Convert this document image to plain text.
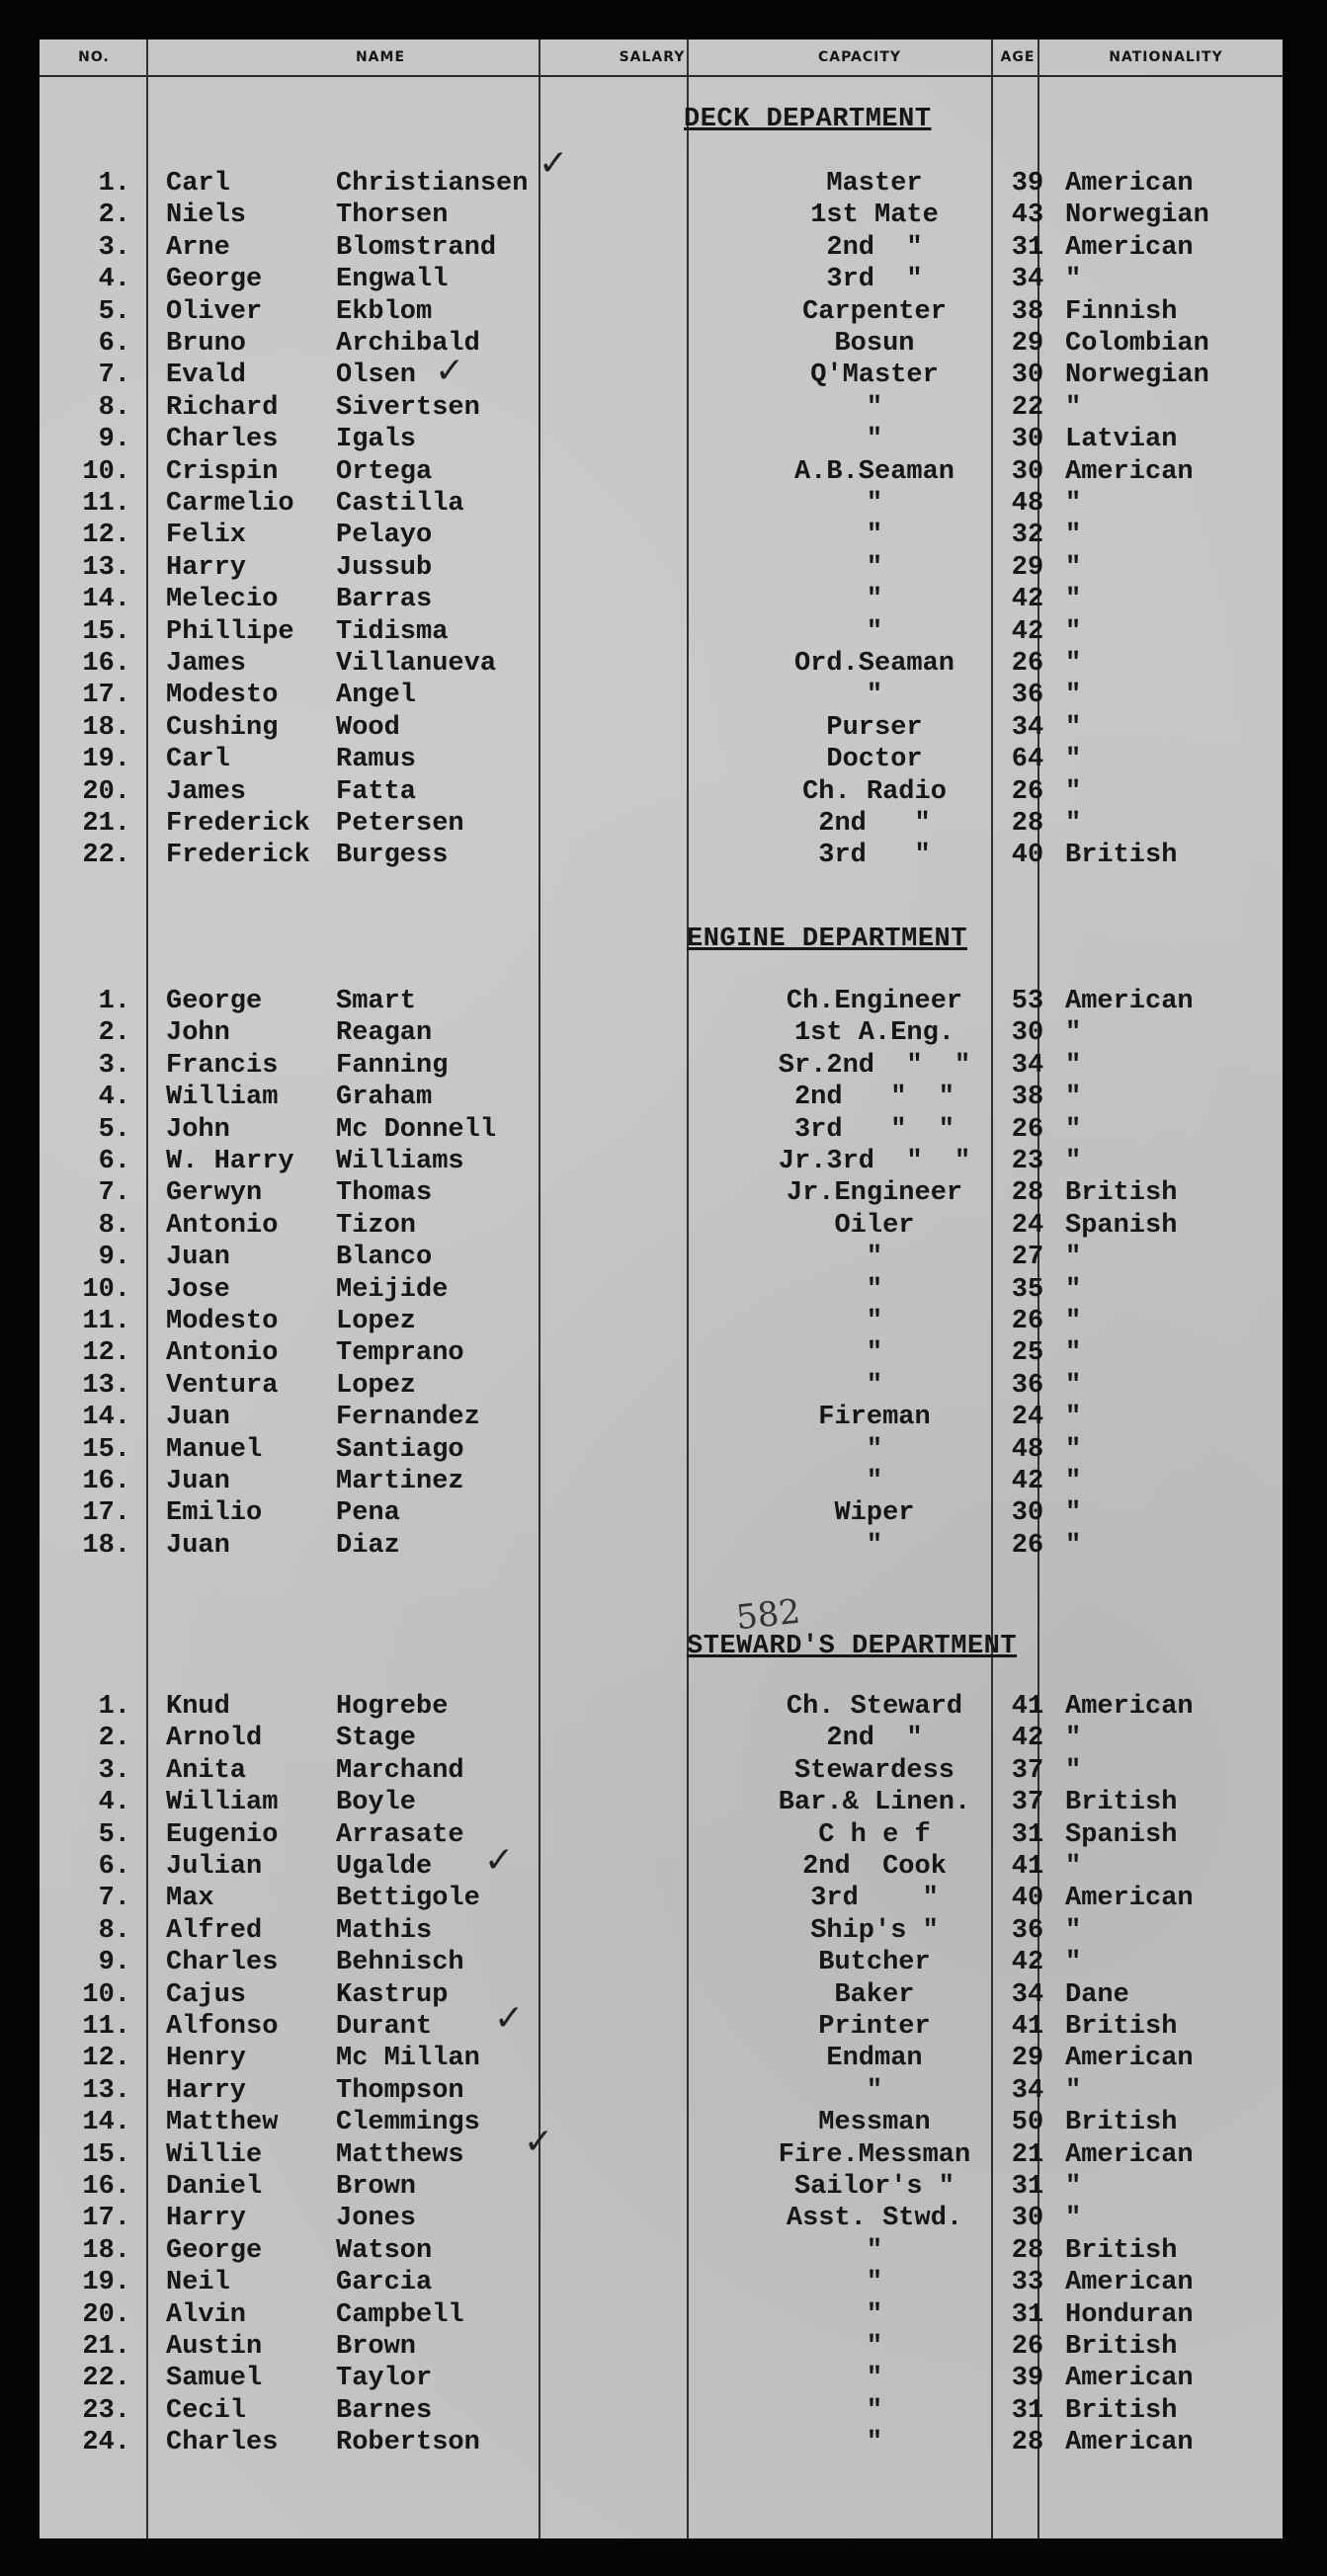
NO.	NAME	SALARY	CAPACITY	AGE	NATIONALITY
DECK DEPARTMENT
1. Carl	Christiansen	Master	39 American
2. Niels	Thorsen	1st Mate	43 Norwegian
3. Arne	Blomstrand	2nd  "	31 American
4. George	Engwall	3rd  "	34 "
5. Oliver	Ekblom	Carpenter	38 Finnish
6. Bruno	Archibald	Bosun	29 Colombian
7. Evald	Olsen	Q'Master	30 Norwegian
8. Richard Sivertsen	"	22 "
9. Charles Igals	"	30 Latvian
10. Crispin Ortega	A.B.Seaman	30 American
11. Carmelio Castilla	"	48 "
12. Felix	Pelayo	"	32 "
13. Harry	Jussub	"	29 "
14. Melecio Barras	"	42 "
15. Phillipe Tidisma	"	42 "
16. James	Villanueva	Ord.Seaman	26 "
17. Modesto Angel	"	36 "
18. Cushing Wood	Purser	34 "
19. Carl	Ramus	Doctor	64 "
20. James	Fatta	Ch. Radio	26 "
21. Frederick Petersen	2nd   "	28 "
22. Frederick Burgess	3rd   "	40 British
ENGINE DEPARTMENT
1. George	Smart	Ch.Engineer	53 American
2. John	Reagan	1st A.Eng.	30 "
3. Francis Fanning	Sr.2nd  "  "	34 "
4. William Graham	2nd   "  "	38 "
5. John	Mc Donnell	3rd   "  "	26 "
6. W. Harry Williams	Jr.3rd  "  "	23 "
7. Gerwyn	Thomas	Jr.Engineer	28 British
8. Antonio Tizon	Oiler	24 Spanish
9. Juan	Blanco	"	27 "
10. Jose	Meijide	"	35 "
11. Modesto Lopez	"	26 "
12. Antonio Temprano	"	25 "
13. Ventura Lopez	"	36 "
14. Juan	Fernandez	Fireman	24 "
15. Manuel	Santiago	"	48 "
16. Juan	Martinez	"	42 "
17. Emilio	Pena	Wiper	30 "
18. Juan	Diaz	"	26 "
582
STEWARD'S DEPARTMENT
1. Knud	Hogrebe	Ch. Steward	41 American
2. Arnold	Stage	2nd  "	42 "
3. Anita	Marchand	Stewardess	37 "
4. William Boyle	Bar.& Linen.	37 British
5. Eugenio Arrasate	C h e f	31 Spanish
6. Julian	Ugalde	2nd  Cook	41 "
7. Max	Bettigole	3rd    "	40 American
8. Alfred	Mathis	Ship's "	36 "
9. Charles Behnisch	Butcher	42 "
10. Cajus	Kastrup	Baker	34 Dane
11. Alfonso Durant	Printer	41 British
12. Henry	Mc Millan	Endman	29 American
13. Harry	Thompson	"	34 "
14. Matthew Clemmings	Messman	50 British
15. Willie	Matthews	Fire.Messman	21 American
16. Daniel	Brown	Sailor's "	31 "
17. Harry	Jones	Asst. Stwd.	30 "
18. George	Watson	"	28 British
19. Neil	Garcia	"	33 American
20. Alvin	Campbell	"	31 Honduran
21. Austin	Brown	"	26 British
22. Samuel	Taylor	"	39 American
23. Cecil	Barnes	"	31 British
24. Charles Robertson	"	28 American
✓
✓
✓
✓
✓
